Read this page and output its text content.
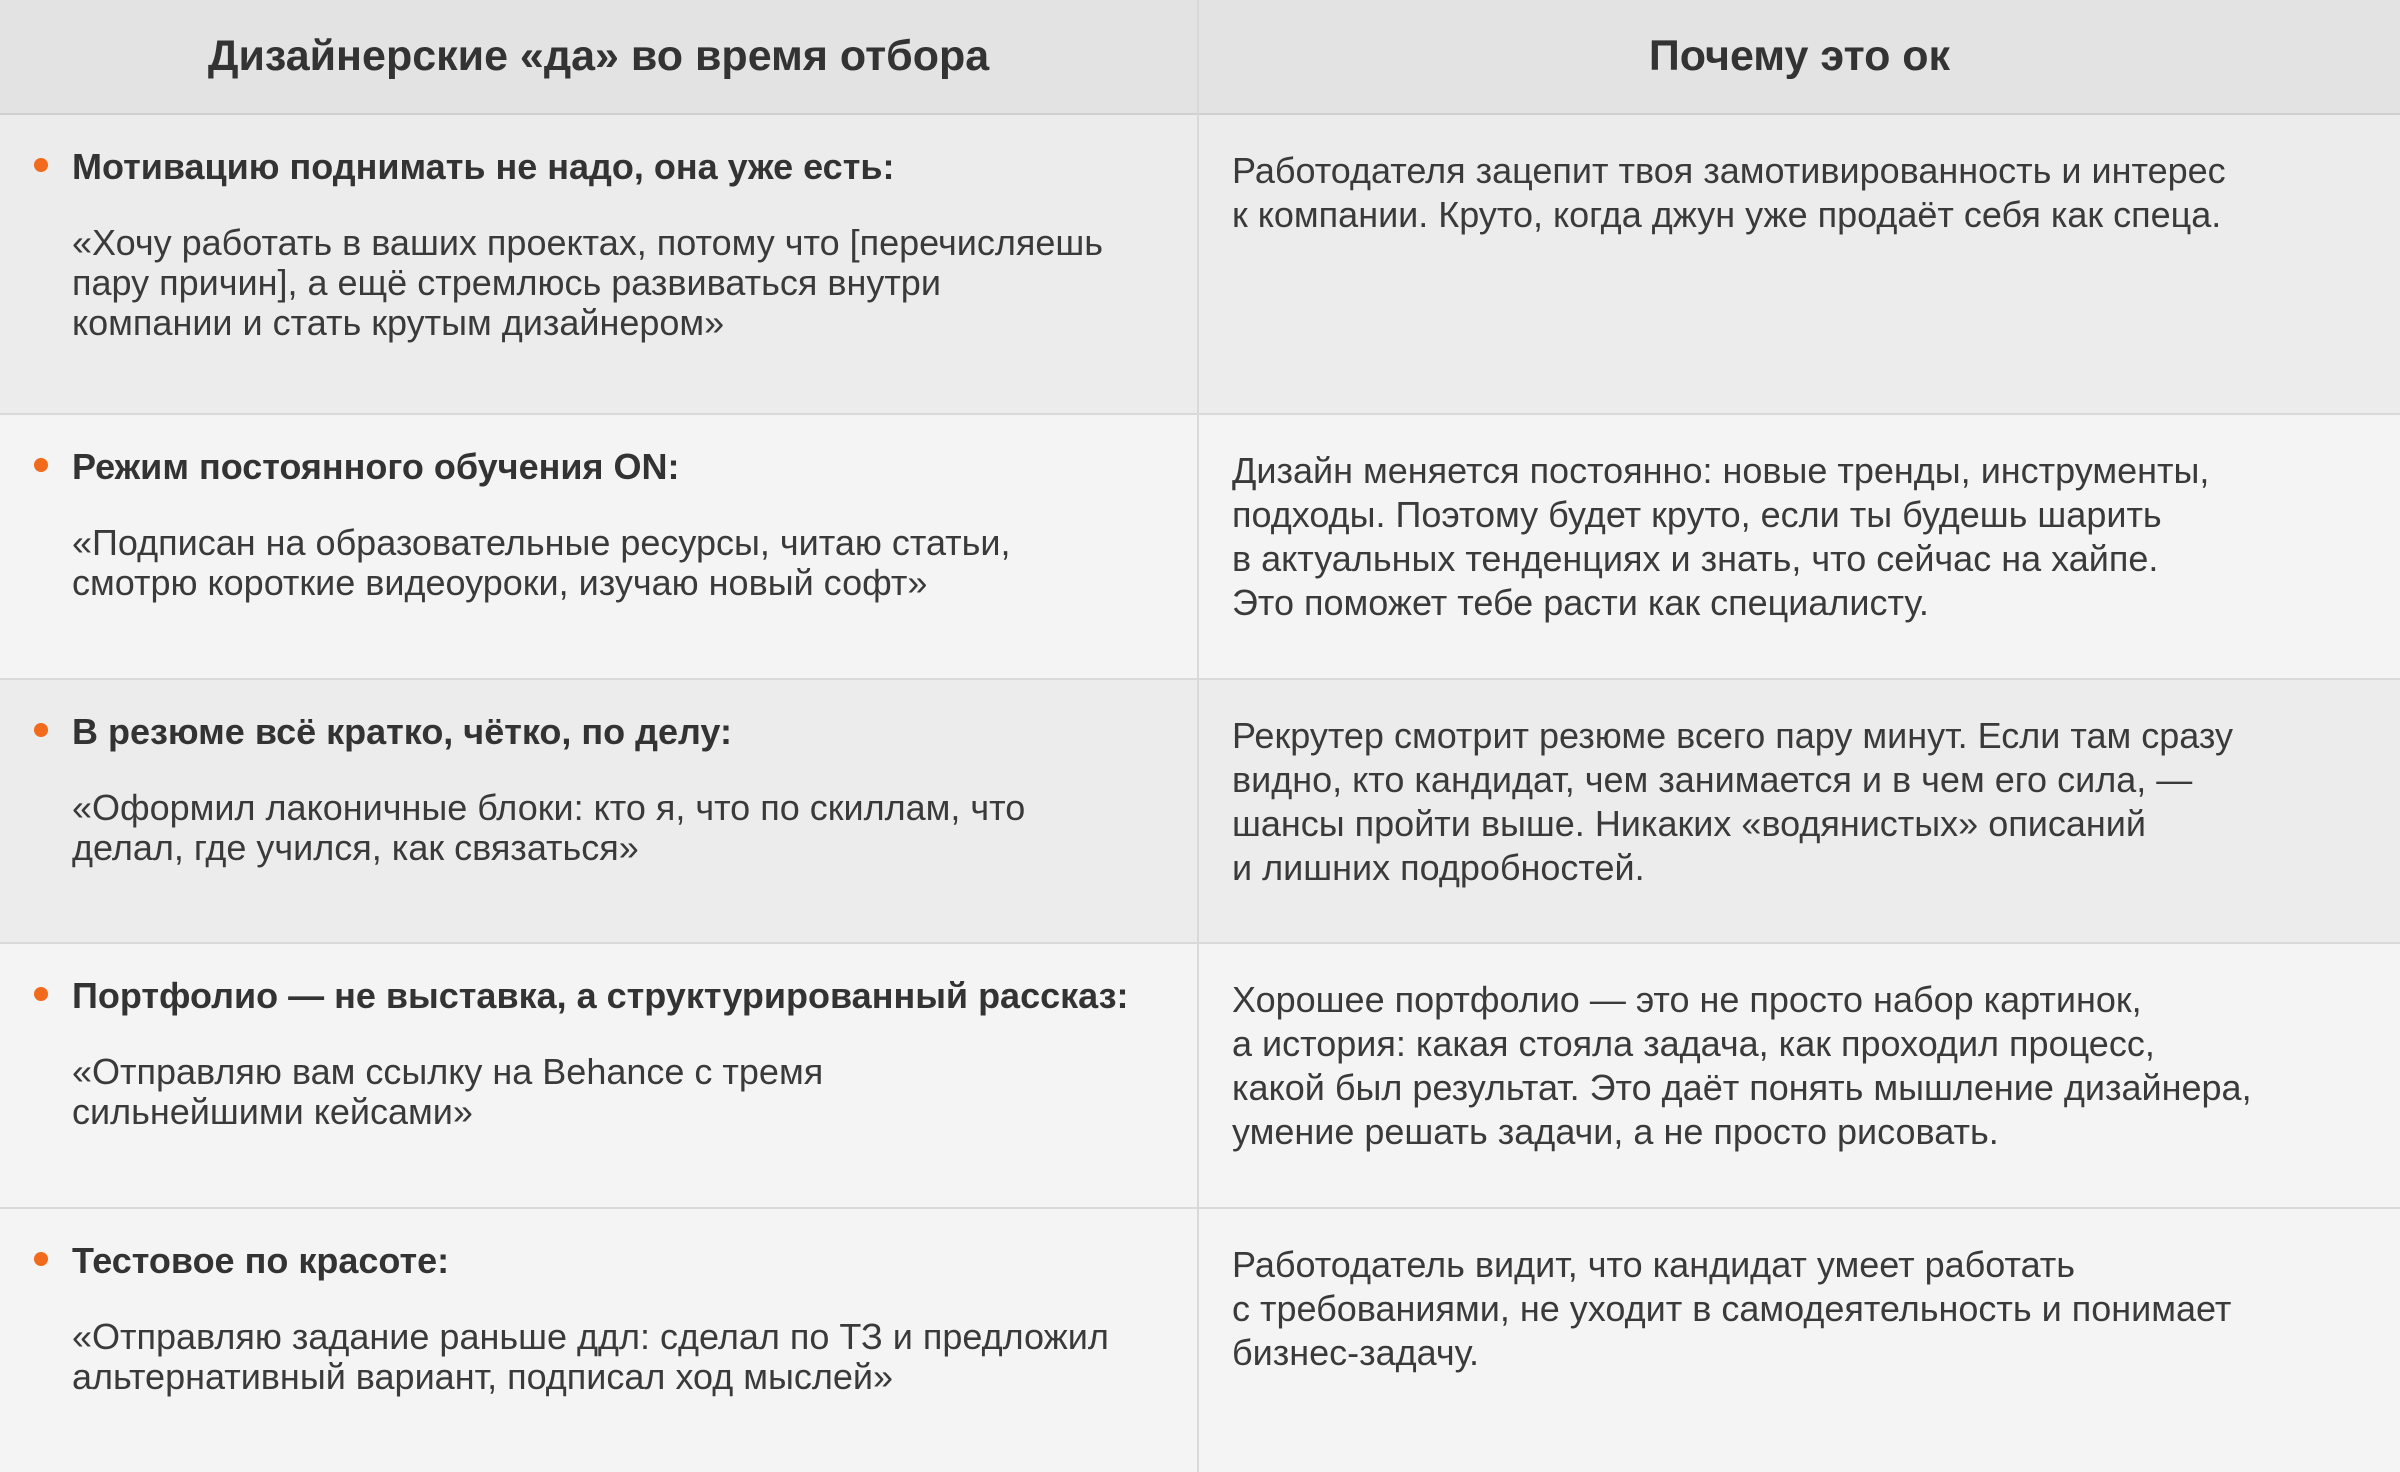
Дизайнерские «да» во время отбора	Почему это ок
Мотивацию поднимать не надо, она уже есть:
«Хочу работать в ваших проектах, потому что [перечисляешь
пару причин], а ещё стремлюсь развиваться внутри
компании и стать крутым дизайнером»
Работодателя зацепит твоя замотивированность и интерес
к компании. Круто, когда джун уже продаёт себя как спеца.
Режим постоянного обучения ON:
«Подписан на образовательные ресурсы, читаю статьи,
смотрю короткие видеоуроки, изучаю новый софт»
Дизайн меняется постоянно: новые тренды, инструменты,
подходы. Поэтому будет круто, если ты будешь шарить
в актуальных тенденциях и знать, что сейчас на хайпе.
Это поможет тебе расти как специалисту.
В резюме всё кратко, чётко, по делу:
«Оформил лаконичные блоки: кто я, что по скиллам, что
делал, где учился, как связаться»
Рекрутер смотрит резюме всего пару минут. Если там сразу
видно, кто кандидат, чем занимается и в чем его сила, —
шансы пройти выше. Никаких «водянистых» описаний
и лишних подробностей.
Портфолио — не выставка, а структурированный рассказ:
«Отправляю вам ссылку на Behance с тремя
сильнейшими кейсами»
Хорошее портфолио — это не просто набор картинок,
а история: какая стояла задача, как проходил процесс,
какой был результат. Это даёт понять мышление дизайнера,
умение решать задачи, а не просто рисовать.
Тестовое по красоте:
«Отправляю задание раньше ддл: сделал по ТЗ и предложил
альтернативный вариант, подписал ход мыслей»
Работодатель видит, что кандидат умеет работать
с требованиями, не уходит в самодеятельность и понимает
бизнес-задачу.
